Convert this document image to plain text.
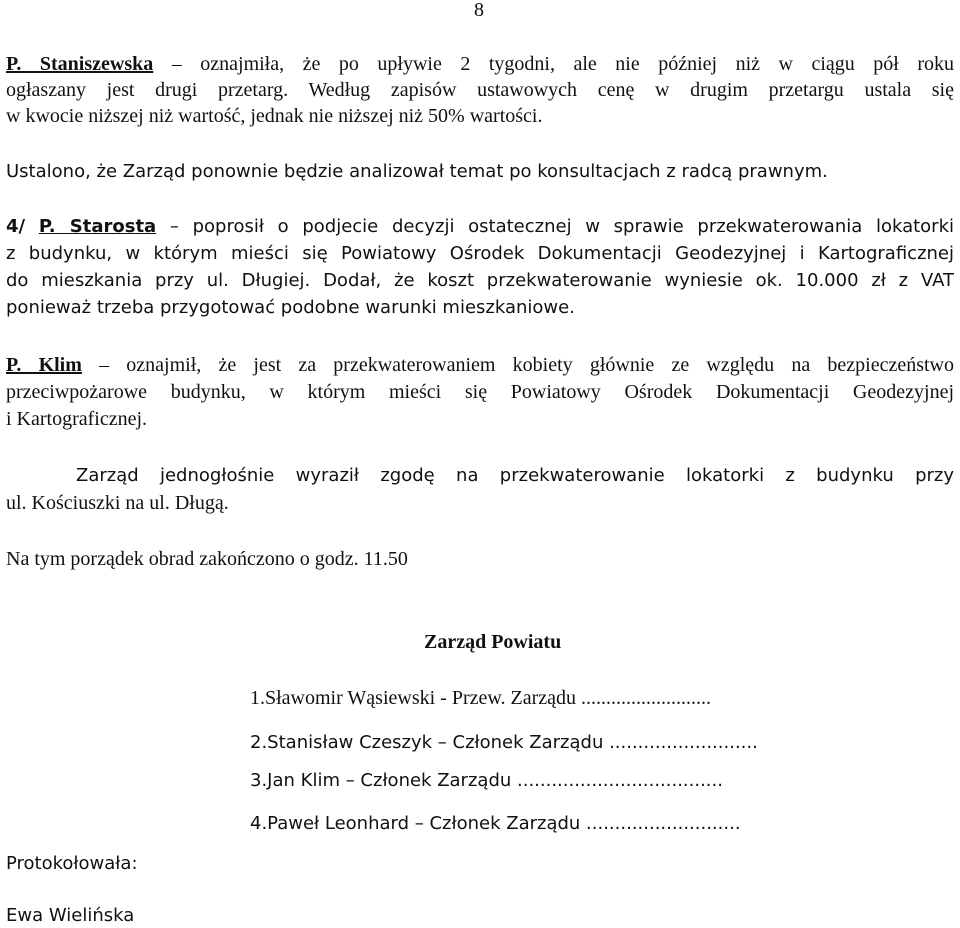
8
P. Staniszewska – oznajmiła, że po upływie 2 tygodni, ale nie później niż w ciągu pół roku
ogłaszany jest drugi przetarg. Według zapisów ustawowych cenę w drugim przetargu ustala się
w kwocie niższej niż wartość, jednak nie niższej niż 50% wartości.
Ustalono, że Zarząd ponownie będzie analizował temat po konsultacjach z radcą prawnym.
4/ P. Starosta – poprosił o podjecie decyzji ostatecznej w sprawie przekwaterowania lokatorki
z budynku, w którym mieści się Powiatowy Ośrodek Dokumentacji Geodezyjnej i Kartograficznej
do mieszkania przy ul. Długiej. Dodał, że koszt przekwaterowanie wyniesie ok. 10.000 zł z VAT
ponieważ trzeba przygotować podobne warunki mieszkaniowe.
P. Klim – oznajmił, że jest za przekwaterowaniem kobiety głównie ze względu na bezpieczeństwo
przeciwpożarowe budynku, w którym mieści się Powiatowy Ośrodek Dokumentacji Geodezyjnej
i Kartograficznej.
Zarząd jednogłośnie wyraził zgodę na przekwaterowanie lokatorki z budynku przy
ul. Kościuszki na ul. Długą.
Na tym porządek obrad zakończono o godz. 11.50
Zarząd Powiatu
1.Sławomir Wąsiewski - Przew. Zarządu ..........................
2.Stanisław Czeszyk – Członek Zarządu ..........................
3.Jan Klim – Członek Zarządu ....................................
4.Paweł Leonhard – Członek Zarządu ...........................
Protokołowała:
Ewa Wielińska
